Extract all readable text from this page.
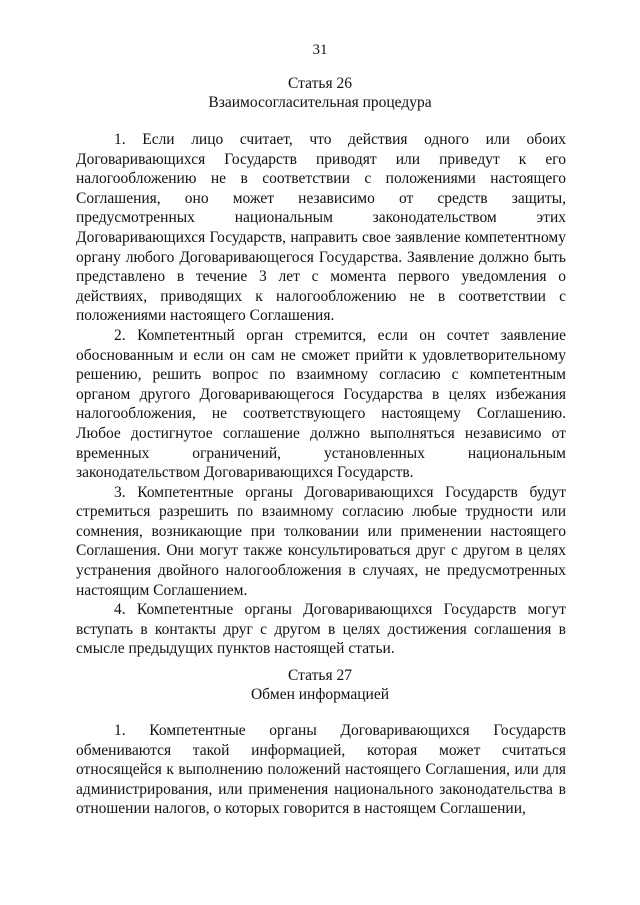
31
Статья 26
Взаимосогласительная процедура

1. Если лицо считает, что действия одного или обоих Договаривающихся Государств приводят или приведут к его налогообложению не в соответствии с положениями настоящего Соглашения, оно может независимо от средств защиты, предусмотренных национальным законодательством этих Договаривающихся Государств, направить свое заявление компетентному органу любого Договаривающегося Государства. Заявление должно быть представлено в течение 3 лет с момента первого уведомления о действиях, приводящих к налогообложению не в соответствии с положениями настоящего Соглашения.

2. Компетентный орган стремится, если он сочтет заявление обоснованным и если он сам не сможет прийти к удовлетворительному решению, решить вопрос по взаимному согласию с компетентным органом другого Договаривающегося Государства в целях избежания налогообложения, не соответствующего настоящему Соглашению. Любое достигнутое соглашение должно выполняться независимо от временных ограничений, установленных национальным законодательством Договаривающихся Государств.

3. Компетентные органы Договаривающихся Государств будут стремиться разрешить по взаимному согласию любые трудности или сомнения, возникающие при толковании или применении настоящего Соглашения. Они могут также консультироваться друг с другом в целях устранения двойного налогообложения в случаях, не предусмотренных настоящим Соглашением.

4. Компетентные органы Договаривающихся Государств могут вступать в контакты друг с другом в целях достижения соглашения в смысле предыдущих пунктов настоящей статьи.

Статья 27
Обмен информацией

1. Компетентные органы Договаривающихся Государств обмениваются такой информацией, которая может считаться относящейся к выполнению положений настоящего Соглашения, или для администрирования, или применения национального законодательства в отношении налогов, о которых говорится в настоящем Соглашении,
